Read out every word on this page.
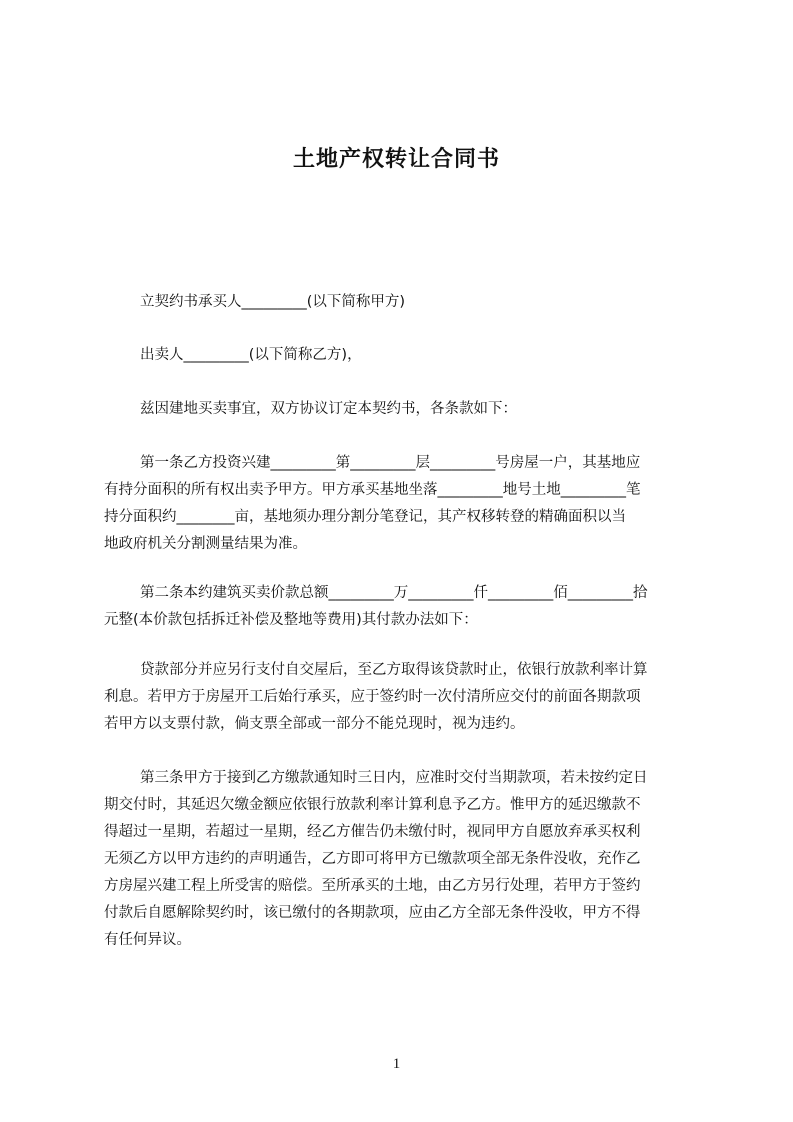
土地产权转让合同书

立契约书承买人_________(以下简称甲方)

出卖人_________(以下简称乙方)，

兹因建地买卖事宜，双方协议订定本契约书，各条款如下：

第一条乙方投资兴建_________第_________层_________号房屋一户，其基地应
有持分面积的所有权出卖予甲方。甲方承买基地坐落_________地号土地_________笔
持分面积约________亩，基地须办理分割分笔登记，其产权移转登的精确面积以当
地政府机关分割测量结果为准。
第二条本约建筑买卖价款总额_________万_________仟_________佰_________拾
元整(本价款包括拆迁补偿及整地等费用)其付款办法如下：
贷款部分并应另行支付自交屋后，至乙方取得该贷款时止，依银行放款利率计算
利息。若甲方于房屋开工后始行承买，应于签约时一次付清所应交付的前面各期款项
若甲方以支票付款，倘支票全部或一部分不能兑现时，视为违约。
第三条甲方于接到乙方缴款通知时三日内，应准时交付当期款项，若未按约定日
期交付时，其延迟欠缴金额应依银行放款利率计算利息予乙方。惟甲方的延迟缴款不
得超过一星期，若超过一星期，经乙方催告仍未缴付时，视同甲方自愿放弃承买权利
无须乙方以甲方违约的声明通告，乙方即可将甲方已缴款项全部无条件没收，充作乙
方房屋兴建工程上所受害的赔偿。至所承买的土地，由乙方另行处理，若甲方于签约
付款后自愿解除契约时，该已缴付的各期款项，应由乙方全部无条件没收，甲方不得
有任何异议。

1
